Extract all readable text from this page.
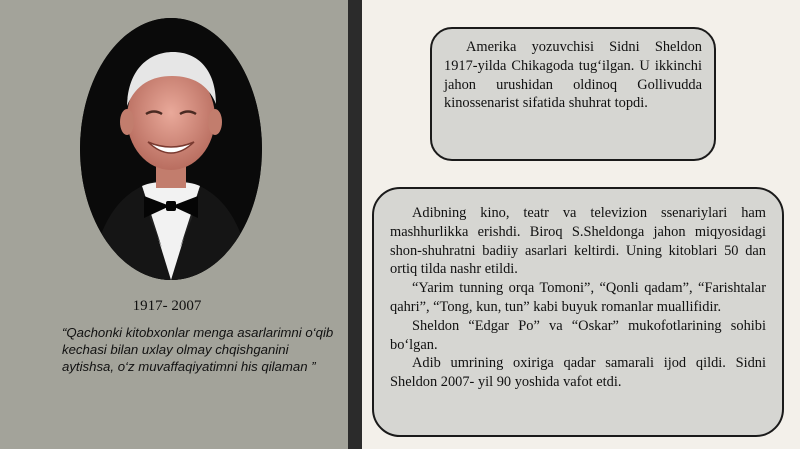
1917- 2007
“Qachonki kitobxonlar menga asarlarimni o‘qib kechasi bilan uxlay olmay chqishganini aytishsa, o‘z muvaffaqiyatimni his qilaman ”

Amerika yozuvchisi Sidni Sheldon 1917-yilda Chikagoda tug‘ilgan. U ikkinchi jahon urushidan oldinoq Gollivudda kinossenarist sifatida shuhrat topdi.

Adibning kino, teatr va televizion ssenariylari ham mashhurlikka erishdi. Biroq S.Sheldonga jahon miqyosidagi shon-shuhratni badiiy asarlari keltirdi. Uning kitoblari 50 dan ortiq tilda nashr etildi.

“Yarim tunning orqa Tomoni”, “Qonli qadam”, “Farishtalar qahri”, “Tong, kun, tun” kabi buyuk romanlar muallifidir.

Sheldon “Edgar Po” va “Oskar” mukofotlarining sohibi bo‘lgan.

Adib umrining oxiriga qadar samarali ijod qildi. Sidni Sheldon 2007- yil 90 yoshida vafot etdi.
